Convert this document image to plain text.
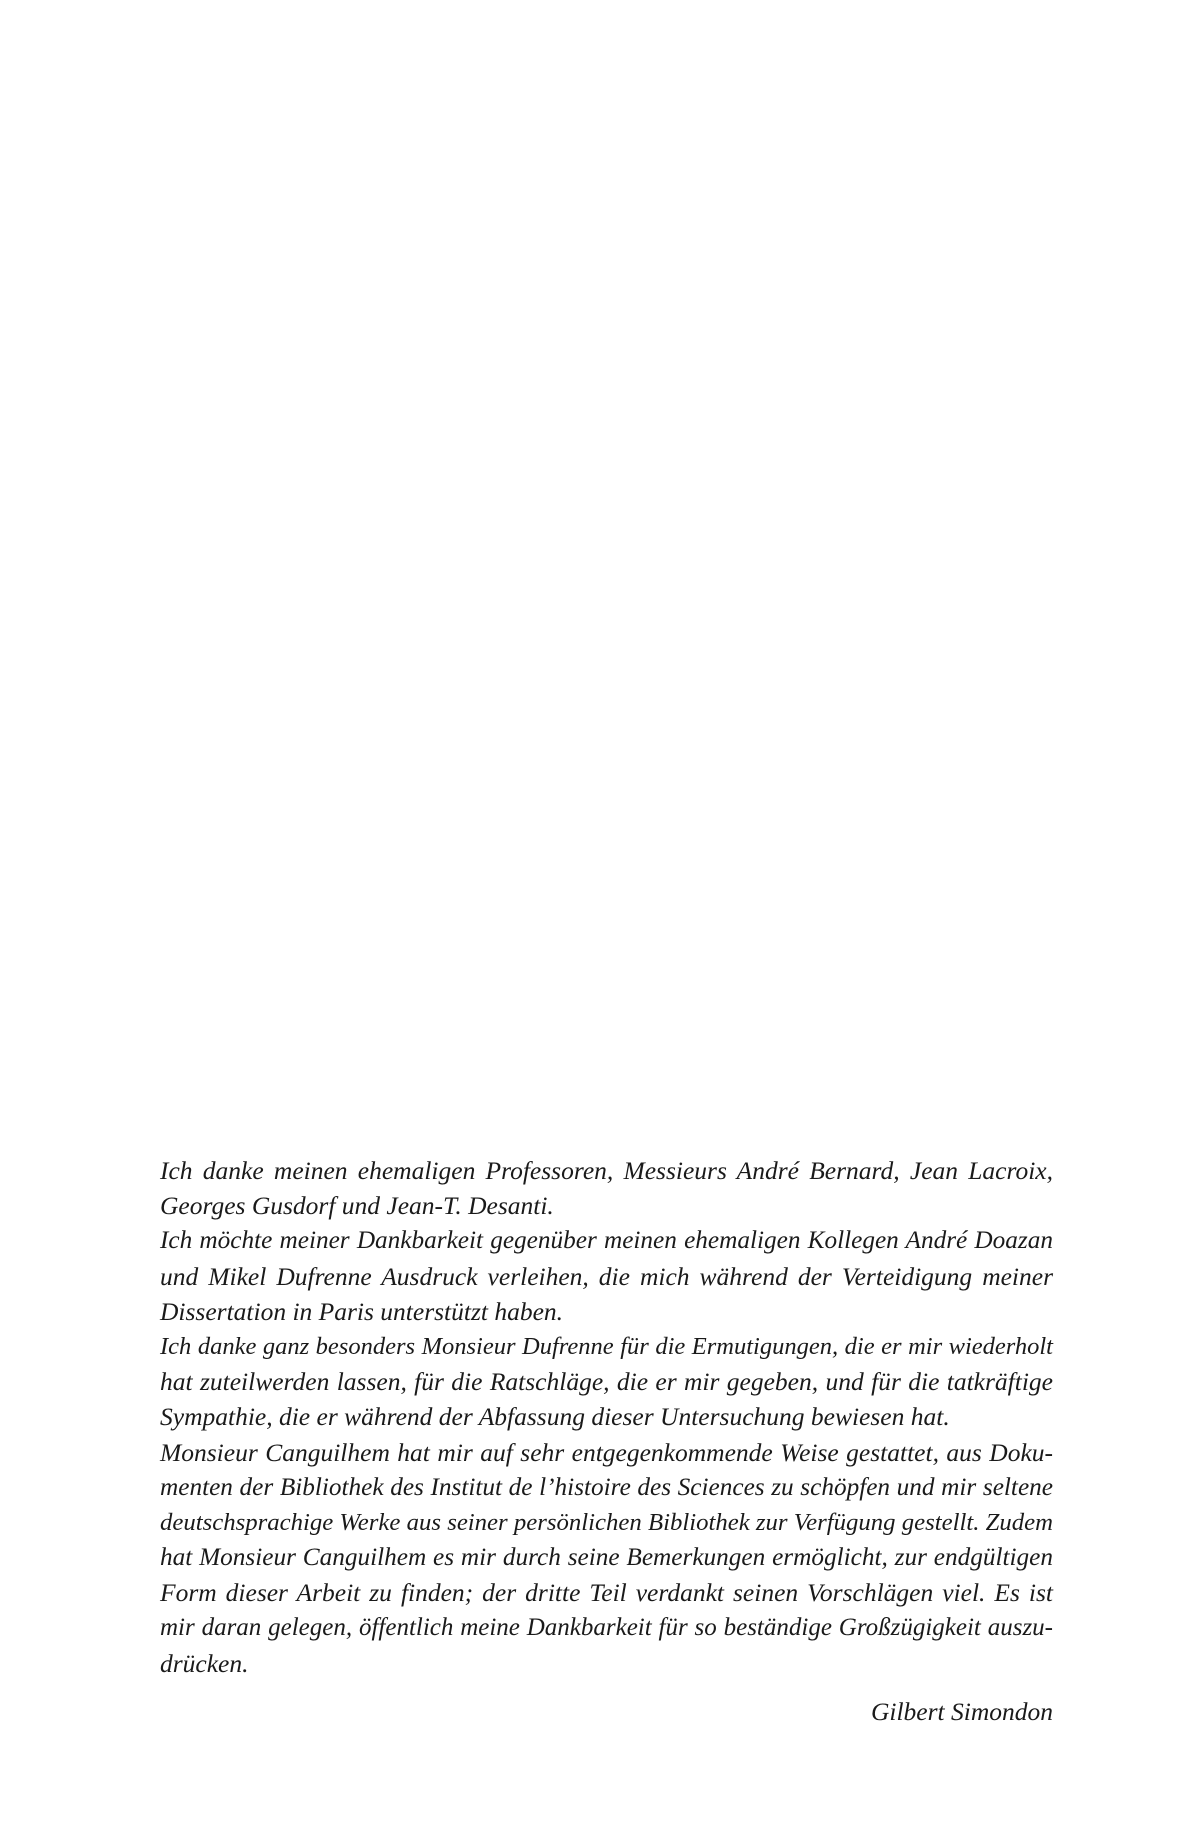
Ich danke meinen ehemaligen Professoren, Messieurs André Bernard, Jean Lacroix,
Georges Gusdorf und Jean-T. Desanti.
Ich möchte meiner Dankbarkeit gegenüber meinen ehemaligen Kollegen André Doazan
und Mikel Dufrenne Ausdruck verleihen, die mich während der Verteidigung meiner
Dissertation in Paris unterstützt haben.
Ich danke ganz besonders Monsieur Dufrenne für die Ermutigungen, die er mir wiederholt
hat zuteilwerden lassen, für die Ratschläge, die er mir gegeben, und für die tatkräftige
Sympathie, die er während der Abfassung dieser Untersuchung bewiesen hat.
Monsieur Canguilhem hat mir auf sehr entgegenkommende Weise gestattet, aus Doku-
menten der Bibliothek des Institut de l’histoire des Sciences zu schöpfen und mir seltene
deutschsprachige Werke aus seiner persönlichen Bibliothek zur Verfügung gestellt. Zudem
hat Monsieur Canguilhem es mir durch seine Bemerkungen ermöglicht, zur endgültigen
Form dieser Arbeit zu finden; der dritte Teil verdankt seinen Vorschlägen viel. Es ist
mir daran gelegen, öffentlich meine Dankbarkeit für so beständige Großzügigkeit auszu-
drücken.
Gilbert Simondon
